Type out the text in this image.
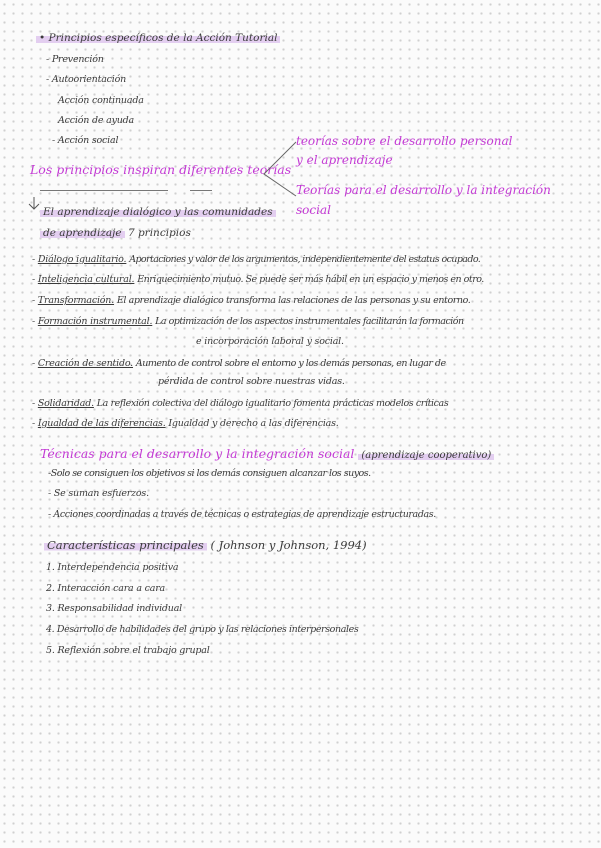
• Principios específicos de la Acción Tutorial
- Prevención
- Autoorientación
Acción continuada
Acción de ayuda
- Acción social
Los principios inspiran diferentes teorías
teorías sobre el desarrollo personal
y el aprendizaje
Teorías para el desarrollo y la integración
social
El aprendizaje dialógico y las comunidades
de aprendizaje 7 principios
- Diálogo igualitario. Aportaciones y valor de los argumentos, independientemente del estatus ocupado.
- Inteligencia cultural. Enriquecimiento mutuo. Se puede ser más hábil en un espacio y menos en otro.
- Transformación. El aprendizaje dialógico transforma las relaciones de las personas y su entorno.
- Formación instrumental. La optimización de los aspectos instrumentales facilitarán la formación
e incorporación laboral y social.
- Creación de sentido. Aumento de control sobre el entorno y los demás personas, en lugar de
pérdida de control sobre nuestras vidas.
- Solidaridad. La reflexión colectiva del diálogo igualitario fomenta prácticas modelos críticas
- Igualdad de las diferencias. Igualdad y derecho a las diferencias.
Técnicas para el desarrollo y la integración social (aprendizaje cooperativo)
-Solo se consiguen los objetivos si los demás consiguen alcanzar los suyos.
- Se suman esfuerzos.
- Acciones coordinadas a través de técnicas o estrategias de aprendizaje estructuradas.
Características principales ( Johnson y Johnson, 1994)
1. Interdependencia positiva
2. Interacción cara a cara
3. Responsabilidad individual
4. Desarrollo de habilidades del grupo y las relaciones interpersonales
5. Reflexión sobre el trabajo grupal
